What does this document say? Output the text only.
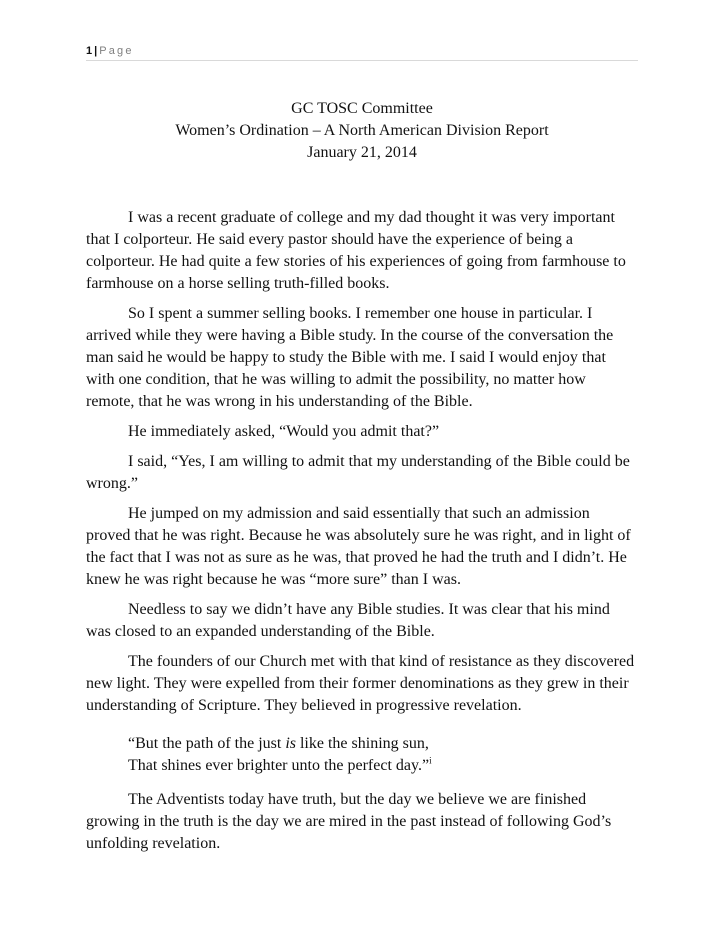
1 | Page
GC TOSC Committee
Women’s Ordination – A North American Division Report
January 21, 2014

I was a recent graduate of college and my dad thought it was very important that I colporteur. He said every pastor should have the experience of being a colporteur. He had quite a few stories of his experiences of going from farmhouse to farmhouse on a horse selling truth-filled books.

So I spent a summer selling books. I remember one house in particular. I arrived while they were having a Bible study. In the course of the conversation the man said he would be happy to study the Bible with me. I said I would enjoy that with one condition, that he was willing to admit the possibility, no matter how remote, that he was wrong in his understanding of the Bible.

He immediately asked, “Would you admit that?”

I said, “Yes, I am willing to admit that my understanding of the Bible could be wrong.”

He jumped on my admission and said essentially that such an admission proved that he was right. Because he was absolutely sure he was right, and in light of the fact that I was not as sure as he was, that proved he had the truth and I didn’t. He knew he was right because he was “more sure” than I was.

Needless to say we didn’t have any Bible studies. It was clear that his mind was closed to an expanded understanding of the Bible.

The founders of our Church met with that kind of resistance as they discovered new light. They were expelled from their former denominations as they grew in their understanding of Scripture. They believed in progressive revelation.

“But the path of the just is like the shining sun,
That shines ever brighter unto the perfect day.”$^i$

The Adventists today have truth, but the day we believe we are finished growing in the truth is the day we are mired in the past instead of following God’s unfolding revelation.
